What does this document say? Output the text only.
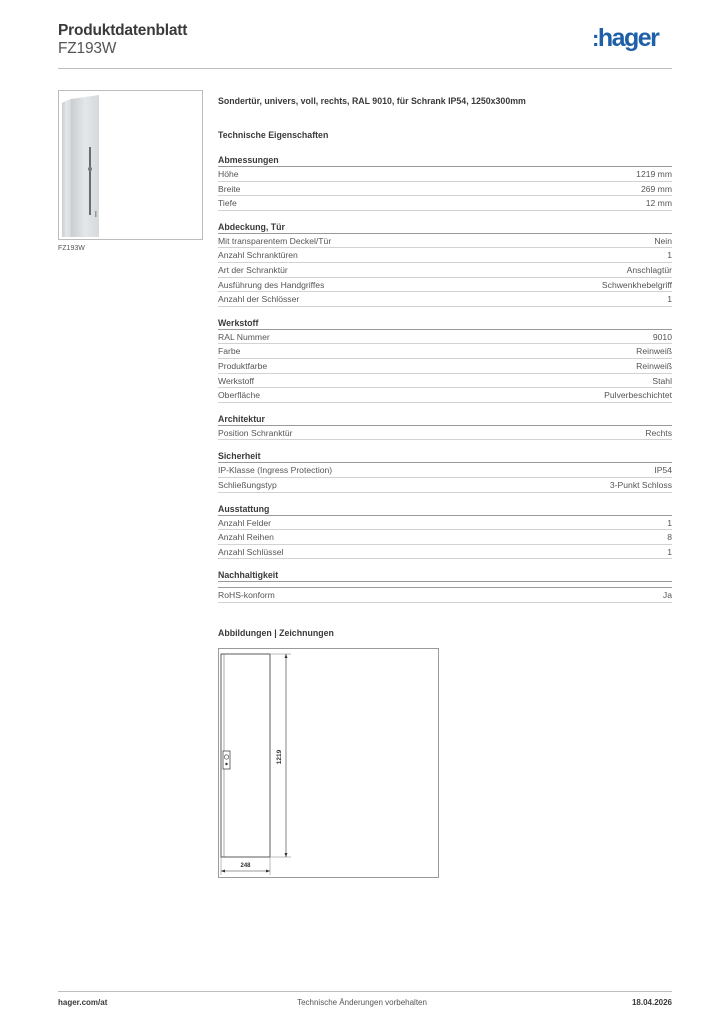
Produktdatenblatt
FZ193W	:hager
FZ193W
Sondertür, univers, voll, rechts, RAL 9010, für Schrank IP54, 1250x300mm
Technische Eigenschaften
Abmessungen
Höhe	1219 mm
Breite	269 mm
Tiefe	12 mm
Abdeckung, Tür
Mit transparentem Deckel/Tür	Nein
Anzahl Schranktüren	1
Art der Schranktür	Anschlagtür
Ausführung des Handgriffes	Schwenkhebelgriff
Anzahl der Schlösser	1
Werkstoff
RAL Nummer	9010
Farbe	Reinweiß
Produktfarbe	Reinweiß
Werkstoff	Stahl
Oberfläche	Pulverbeschichtet
Architektur
Position Schranktür	Rechts
Sicherheit
IP-Klasse (Ingress Protection)	IP54
Schließungstyp	3-Punkt Schloss
Ausstattung
Anzahl Felder	1
Anzahl Reihen	8
Anzahl Schlüssel	1
Nachhaltigkeit
RoHS-konform	Ja
Abbildungen | Zeichnungen
1219
248
hager.com/at	Technische Änderungen vorbehalten	18.04.2026
